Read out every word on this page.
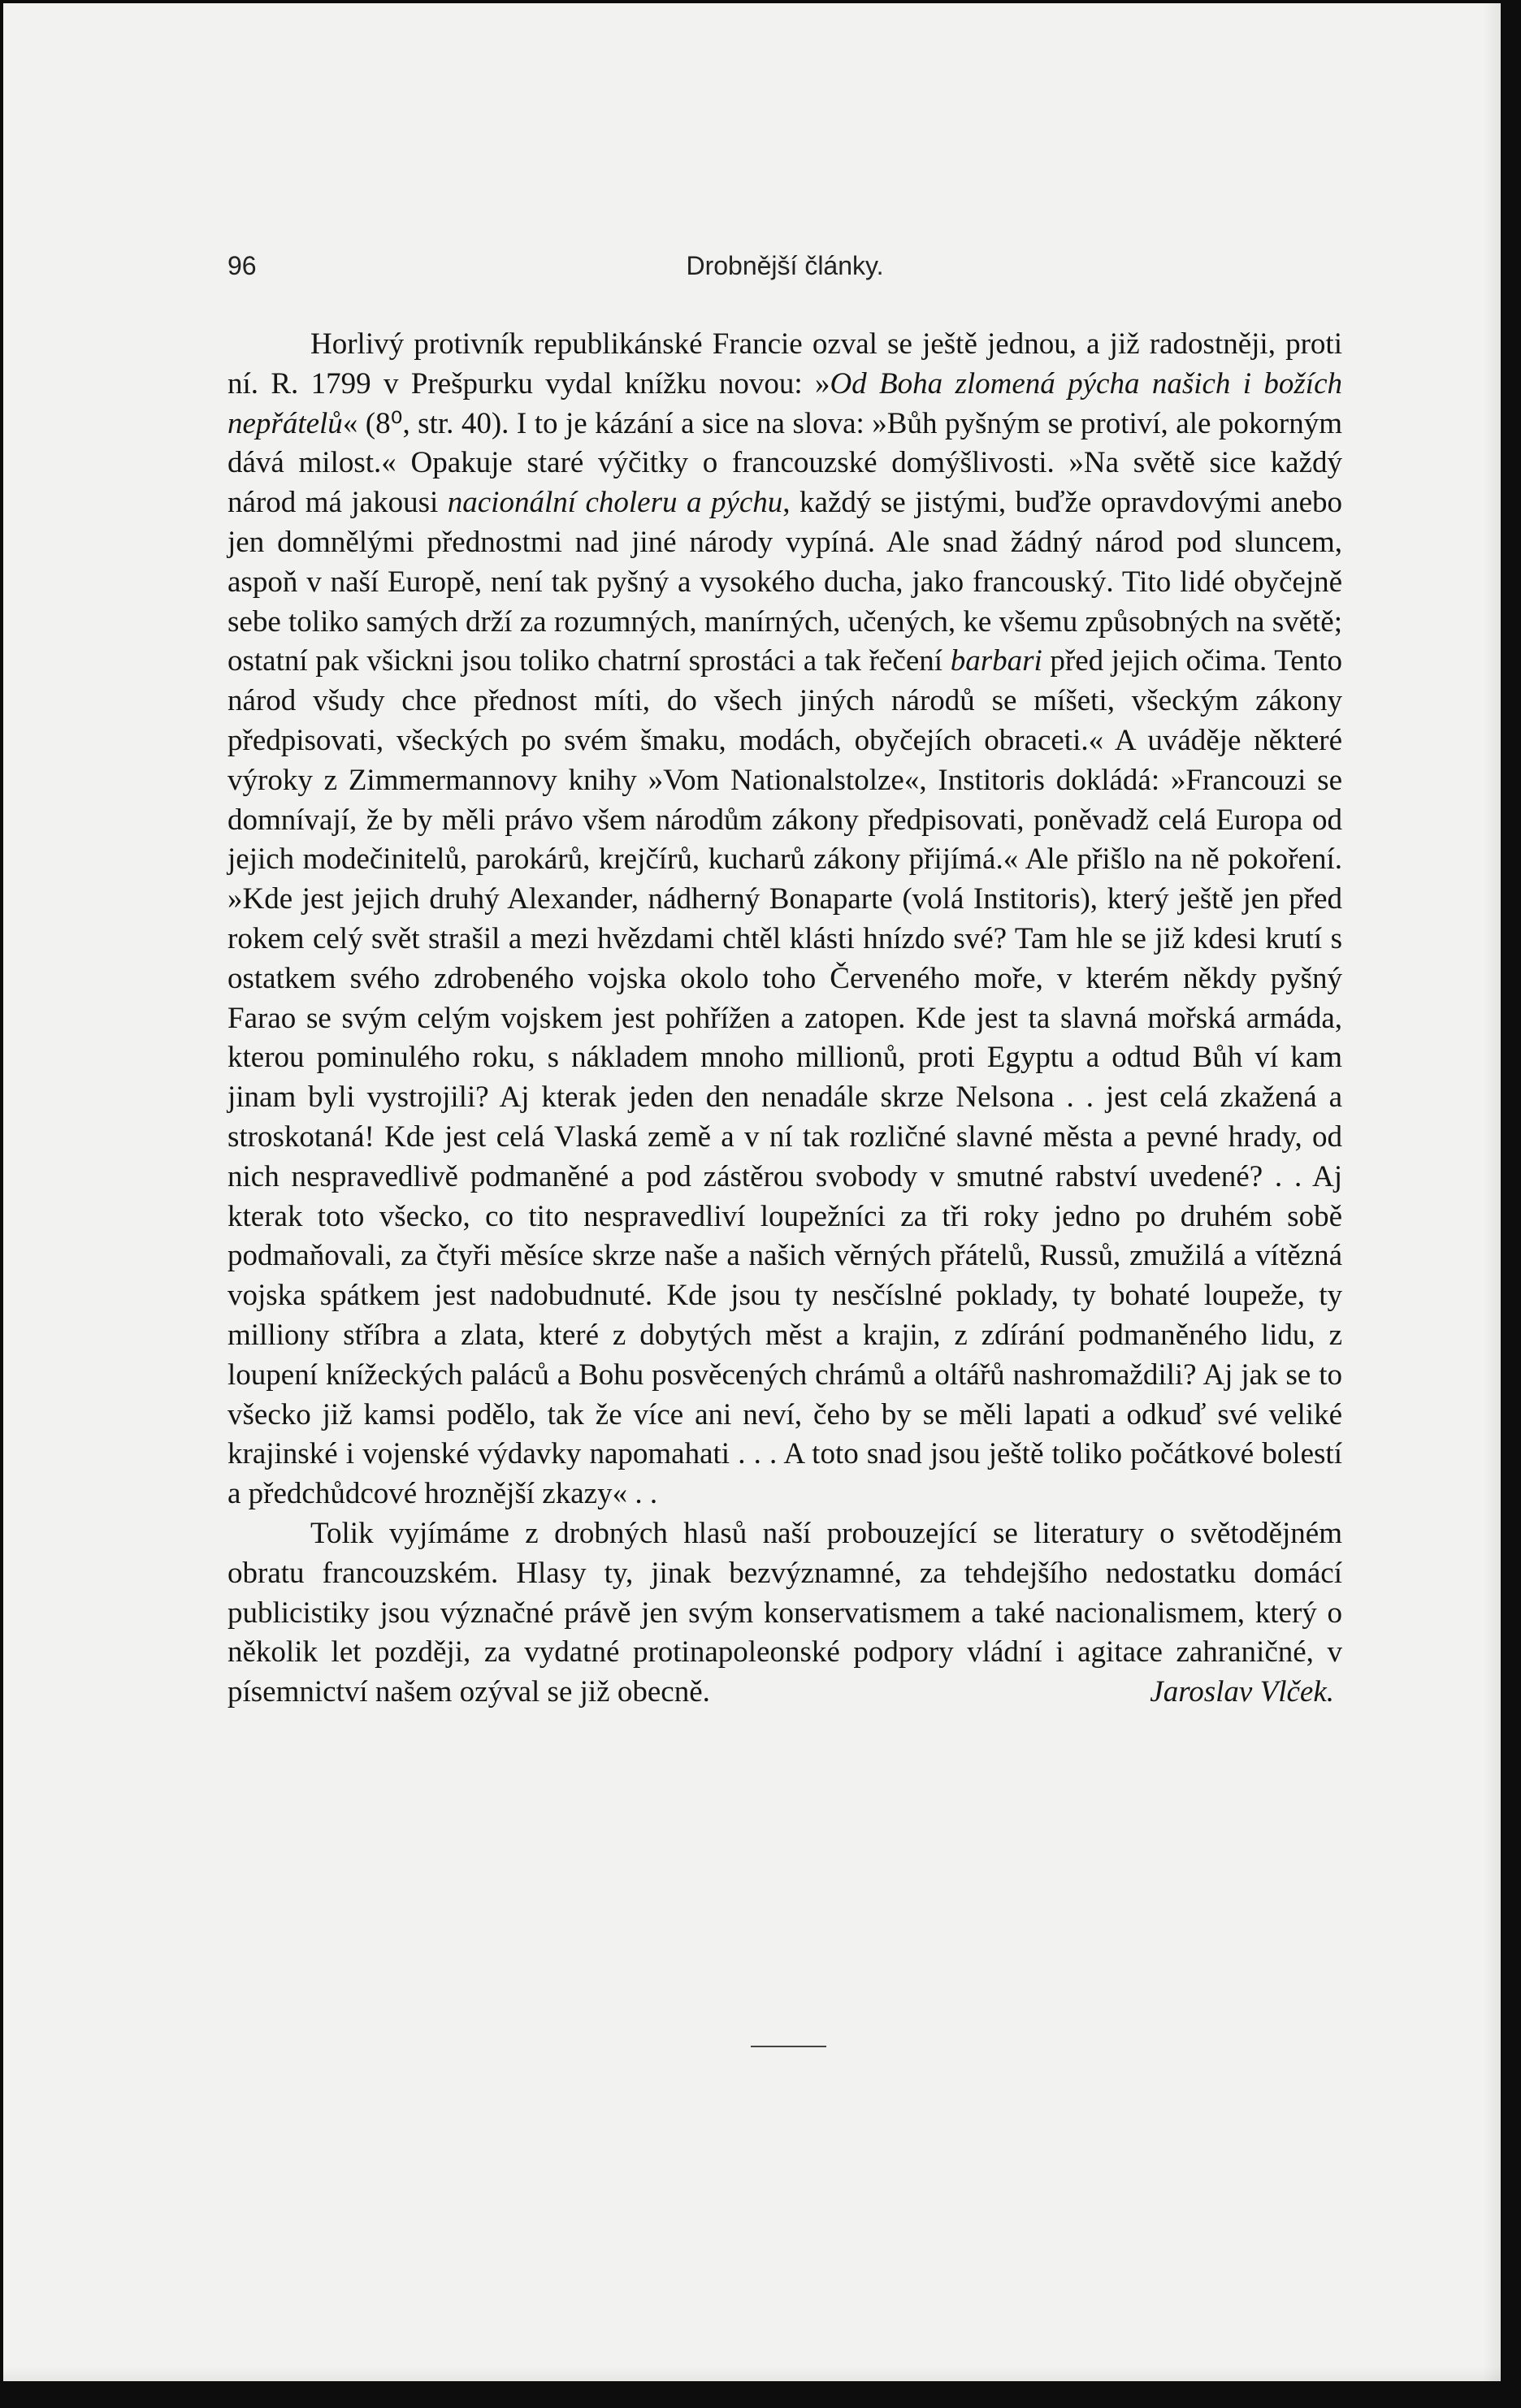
96	Drobnější články.

Horlivý protivník republikánské Francie ozval se ještě jednou, a již radostněji, proti ní. R. 1799 v Prešpurku vydal knížku novou: »Od Boha zlomená pýcha našich i božích nepřátelů« (8⁰, str. 40). I to je kázání a sice na slova: »Bůh pyšným se protiví, ale pokorným dává milost.« Opakuje staré výčitky o francouzské domýšlivosti. »Na světě sice každý národ má jakousi nacionální choleru a pýchu, každý se jistými, buďže opravdovými anebo jen domnělými přednostmi nad jiné národy vypíná. Ale snad žádný národ pod sluncem, aspoň v naší Europě, není tak pyšný a vysokého ducha, jako francouský. Tito lidé obyčejně sebe toliko samých drží za rozumných, manírných, učených, ke všemu způsobných na světě; ostatní pak všickni jsou toliko chatrní sprostáci a tak řečení barbari před jejich očima. Tento národ všudy chce přednost míti, do všech jiných národů se míšeti, všeckým zákony předpisovati, všeckých po svém šmaku, modách, obyčejích obraceti.« A uváděje některé výroky z Zimmermannovy knihy »Vom Nationalstolze«, Institoris dokládá: »Francouzi se domnívají, že by měli právo všem národům zákony předpisovati, poněvadž celá Europa od jejich modečinitelů, parokárů, krejčírů, kucharů zákony přijímá.« Ale přišlo na ně pokoření. »Kde jest jejich druhý Alexander, nádherný Bonaparte (volá Institoris), který ještě jen před rokem celý svět strašil a mezi hvězdami chtěl klásti hnízdo své? Tam hle se již kdesi krutí s ostatkem svého zdrobeného vojska okolo toho Červeného moře, v kterém někdy pyšný Farao se svým celým vojskem jest pohřížen a zatopen. Kde jest ta slavná mořská armáda, kterou pominulého roku, s nákladem mnoho millionů, proti Egyptu a odtud Bůh ví kam jinam byli vystrojili? Aj kterak jeden den nenadále skrze Nelsona . . jest celá zkažená a stroskotaná! Kde jest celá Vlaská země a v ní tak rozličné slavné města a pevné hrady, od nich nespravedlivě podmaněné a pod zástěrou svobody v smutné rabství uvedené? . . Aj kterak toto všecko, co tito nespravedliví loupežníci za tři roky jedno po druhém sobě podmaňovali, za čtyři měsíce skrze naše a našich věrných přátelů, Russů, zmužilá a vítězná vojska spátkem jest nadobudnuté. Kde jsou ty nesčíslné poklady, ty bohaté loupeže, ty milliony stříbra a zlata, které z dobytých měst a krajin, z zdírání podmaněného lidu, z loupení knížeckých paláců a Bohu posvěcených chrámů a oltářů nashromaždili? Aj jak se to všecko již kamsi podělo, tak že více ani neví, čeho by se měli lapati a odkuď své veliké krajinské i vojenské výdavky napomahati . . . A toto snad jsou ještě toliko počátkové bolestí a předchůdcové hroznější zkazy« . .

Tolik vyjímáme z drobných hlasů naší probouzející se literatury o světodějném obratu francouzském. Hlasy ty, jinak bezvýznamné, za tehdejšího nedostatku domácí publicistiky jsou význačné právě jen svým konservatismem a také nacionalismem, který o několik let později, za vydatné protinapoleonské podpory vládní i agitace zahraničné, v písemnictví našem ozýval se již obecně.	Jaroslav Vlček.
